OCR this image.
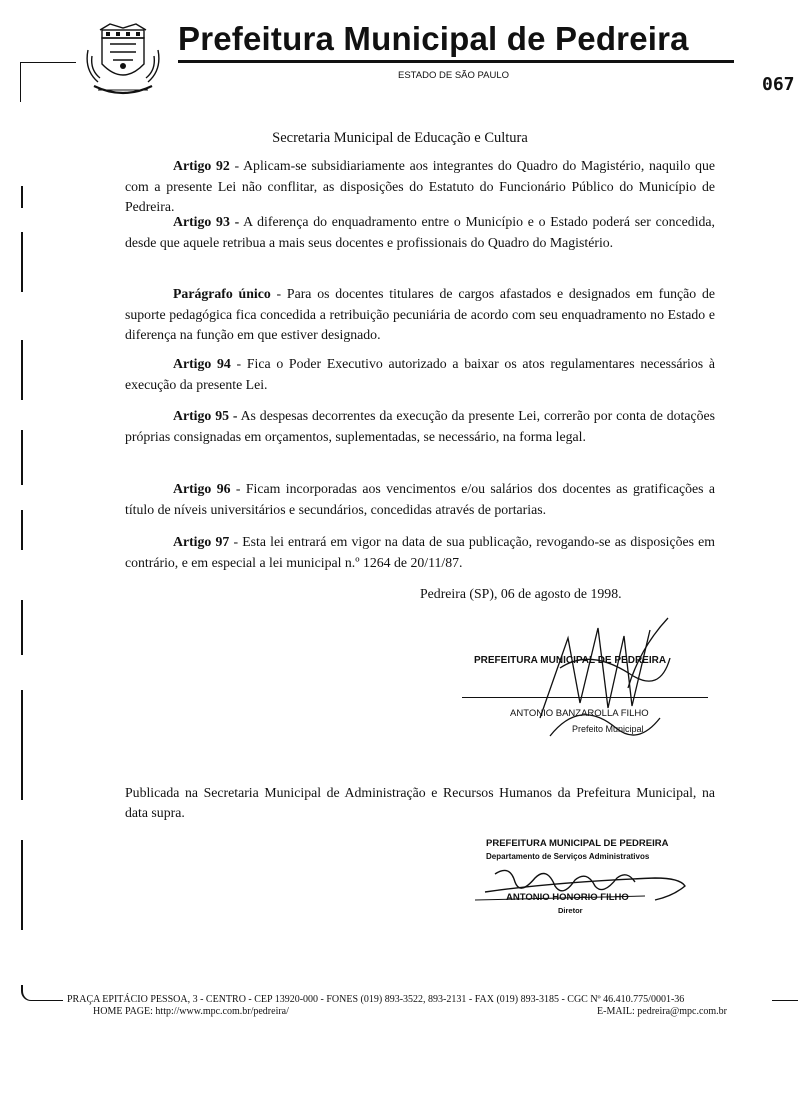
Prefeitura Municipal de Pedreira
ESTADO DE SÃO PAULO	067
Secretaria Municipal de Educação e Cultura
Artigo 92 - Aplicam-se subsidiariamente aos integrantes do Quadro do Magistério, naquilo que com a presente Lei não conflitar, as disposições do Estatuto do Funcionário Público do Município de Pedreira.
Artigo 93 - A diferença do enquadramento entre o Município e o Estado poderá ser concedida, desde que aquele retribua a mais seus docentes e profissionais do Quadro do Magistério.
Parágrafo único - Para os docentes titulares de cargos afastados e designados em função de suporte pedagógica fica concedida a retribuição pecuniária de acordo com seu enquadramento no Estado e diferença na função em que estiver designado.
Artigo 94 - Fica o Poder Executivo autorizado a baixar os atos regulamentares necessários à execução da presente Lei.
Artigo 95 - As despesas decorrentes da execução da presente Lei, correrão por conta de dotações próprias consignadas em orçamentos, suplementadas, se necessário, na forma legal.
Artigo 96 - Ficam incorporadas aos vencimentos e/ou salários dos docentes as gratificações a título de níveis universitários e secundários, concedidas através de portarias.
Artigo 97 - Esta lei entrará em vigor na data de sua publicação, revogando-se as disposições em contrário, e em especial a lei municipal n.º 1264 de 20/11/87.
Pedreira (SP), 06 de agosto de 1998.
PREFEITURA MUNICIPAL DE PEDREIRA
ANTONIO BANZAROLLA FILHO
Prefeito Municipal
Publicada na Secretaria Municipal de Administração e Recursos Humanos da Prefeitura Municipal, na data supra.
PREFEITURA MUNICIPAL DE PEDREIRA
Departamento de Serviços Administrativos
ANTONIO HONORIO FILHO
Diretor
PRAÇA EPITÁCIO PESSOA, 3 - CENTRO - CEP 13920-000 - FONES (019) 893-3522, 893-2131 - FAX (019) 893-3185 - CGC Nº 46.410.775/0001-36
HOME PAGE: http://www.mpc.com.br/pedreira/	E-MAIL: pedreira@mpc.com.br
